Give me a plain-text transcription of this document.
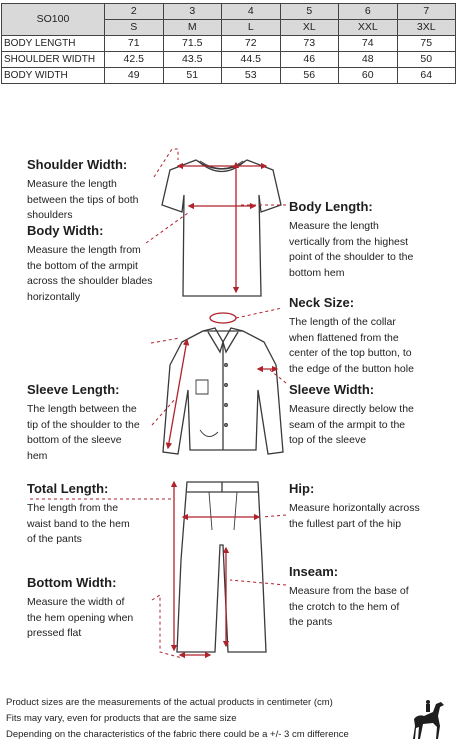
SO100	2	3	4	5	6	7
	S	M	L	XL	XXL	3XL
BODY LENGTH	71	71.5	72	73	74	75
SHOULDER WIDTH	42.5	43.5	44.5	46	48	50
BODY WIDTH	49	51	53	56	60	64
Shoulder Width:
Measure the length
between the tips of both
shoulders
Body Width:
Measure the length from
the bottom of the armpit
across the shoulder blades
horizontally
Body Length:
Measure the length
vertically from the highest
point of the shoulder to the
bottom hem
Neck Size:
The length of the collar
when flattened from the
center of the top button, to
the edge of the button hole
Sleeve Length:
The length between the
tip of the shoulder to the
bottom of the sleeve
hem
Sleeve Width:
Measure directly below the
seam of the armpit to the
top of the sleeve
Total Length:
The length from the
waist band to the hem
of the pants
Hip:
Measure horizontally across
the fullest part of the hip
Inseam:
Measure from the base of
the crotch to the hem of
the pants
Bottom Width:
Measure the width of
the hem opening when
pressed flat
Product sizes are the measurements of the actual products in centimeter (cm)
Fits may vary, even for products that are the same size
Depending on the characteristics of the fabric there could be a +/- 3 cm difference
